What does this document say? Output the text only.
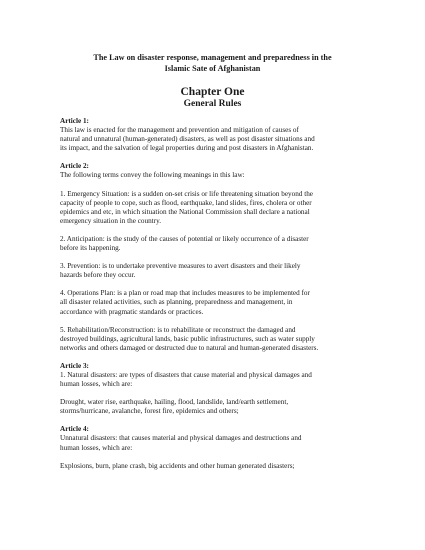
The Law on disaster response, management and preparedness in the
Islamic Sate of Afghanistan
Chapter One
General Rules
Article 1:
This law is enacted for the management and prevention and mitigation of causes of
natural and unnatural (human-generated) disasters, as well as post disaster situations and
its impact, and the salvation of legal properties during and post disasters in Afghanistan.
Article 2:
The following terms convey the following meanings in this law:
1. Emergency Situation: is a sudden on-set crisis or life threatening situation beyond the
capacity of people to cope, such as flood, earthquake, land slides, fires, cholera or other
epidemics and etc, in which situation the National Commission shall declare a national
emergency situation in the country.
2. Anticipation: is the study of the causes of potential or likely occurrence of a disaster
before its happening.
3. Prevention: is to undertake preventive measures to avert disasters and their likely
hazards before they occur.
4. Operations Plan: is a plan or road map that includes measures to be implemented for
all disaster related activities, such as planning, preparedness and management, in
accordance with pragmatic standards or practices.
5. Rehabilitation/Reconstruction: is to rehabilitate or reconstruct the damaged and
destroyed buildings, agricultural lands, basic public infrastructures, such as water supply
networks and others damaged or destructed due to natural and human-generated disasters.
Article 3:
1. Natural disasters: are types of disasters that cause material and physical damages and
human losses, which are:
Drought, water rise, earthquake, hailing, flood, landslide, land/earth settlement,
storms/hurricane, avalanche, forest fire, epidemics and others;
Article 4:
Unnatural disasters: that causes material and physical damages and destructions and
human losses, which are:
Explosions, burn, plane crash, big accidents and other human generated disasters;
